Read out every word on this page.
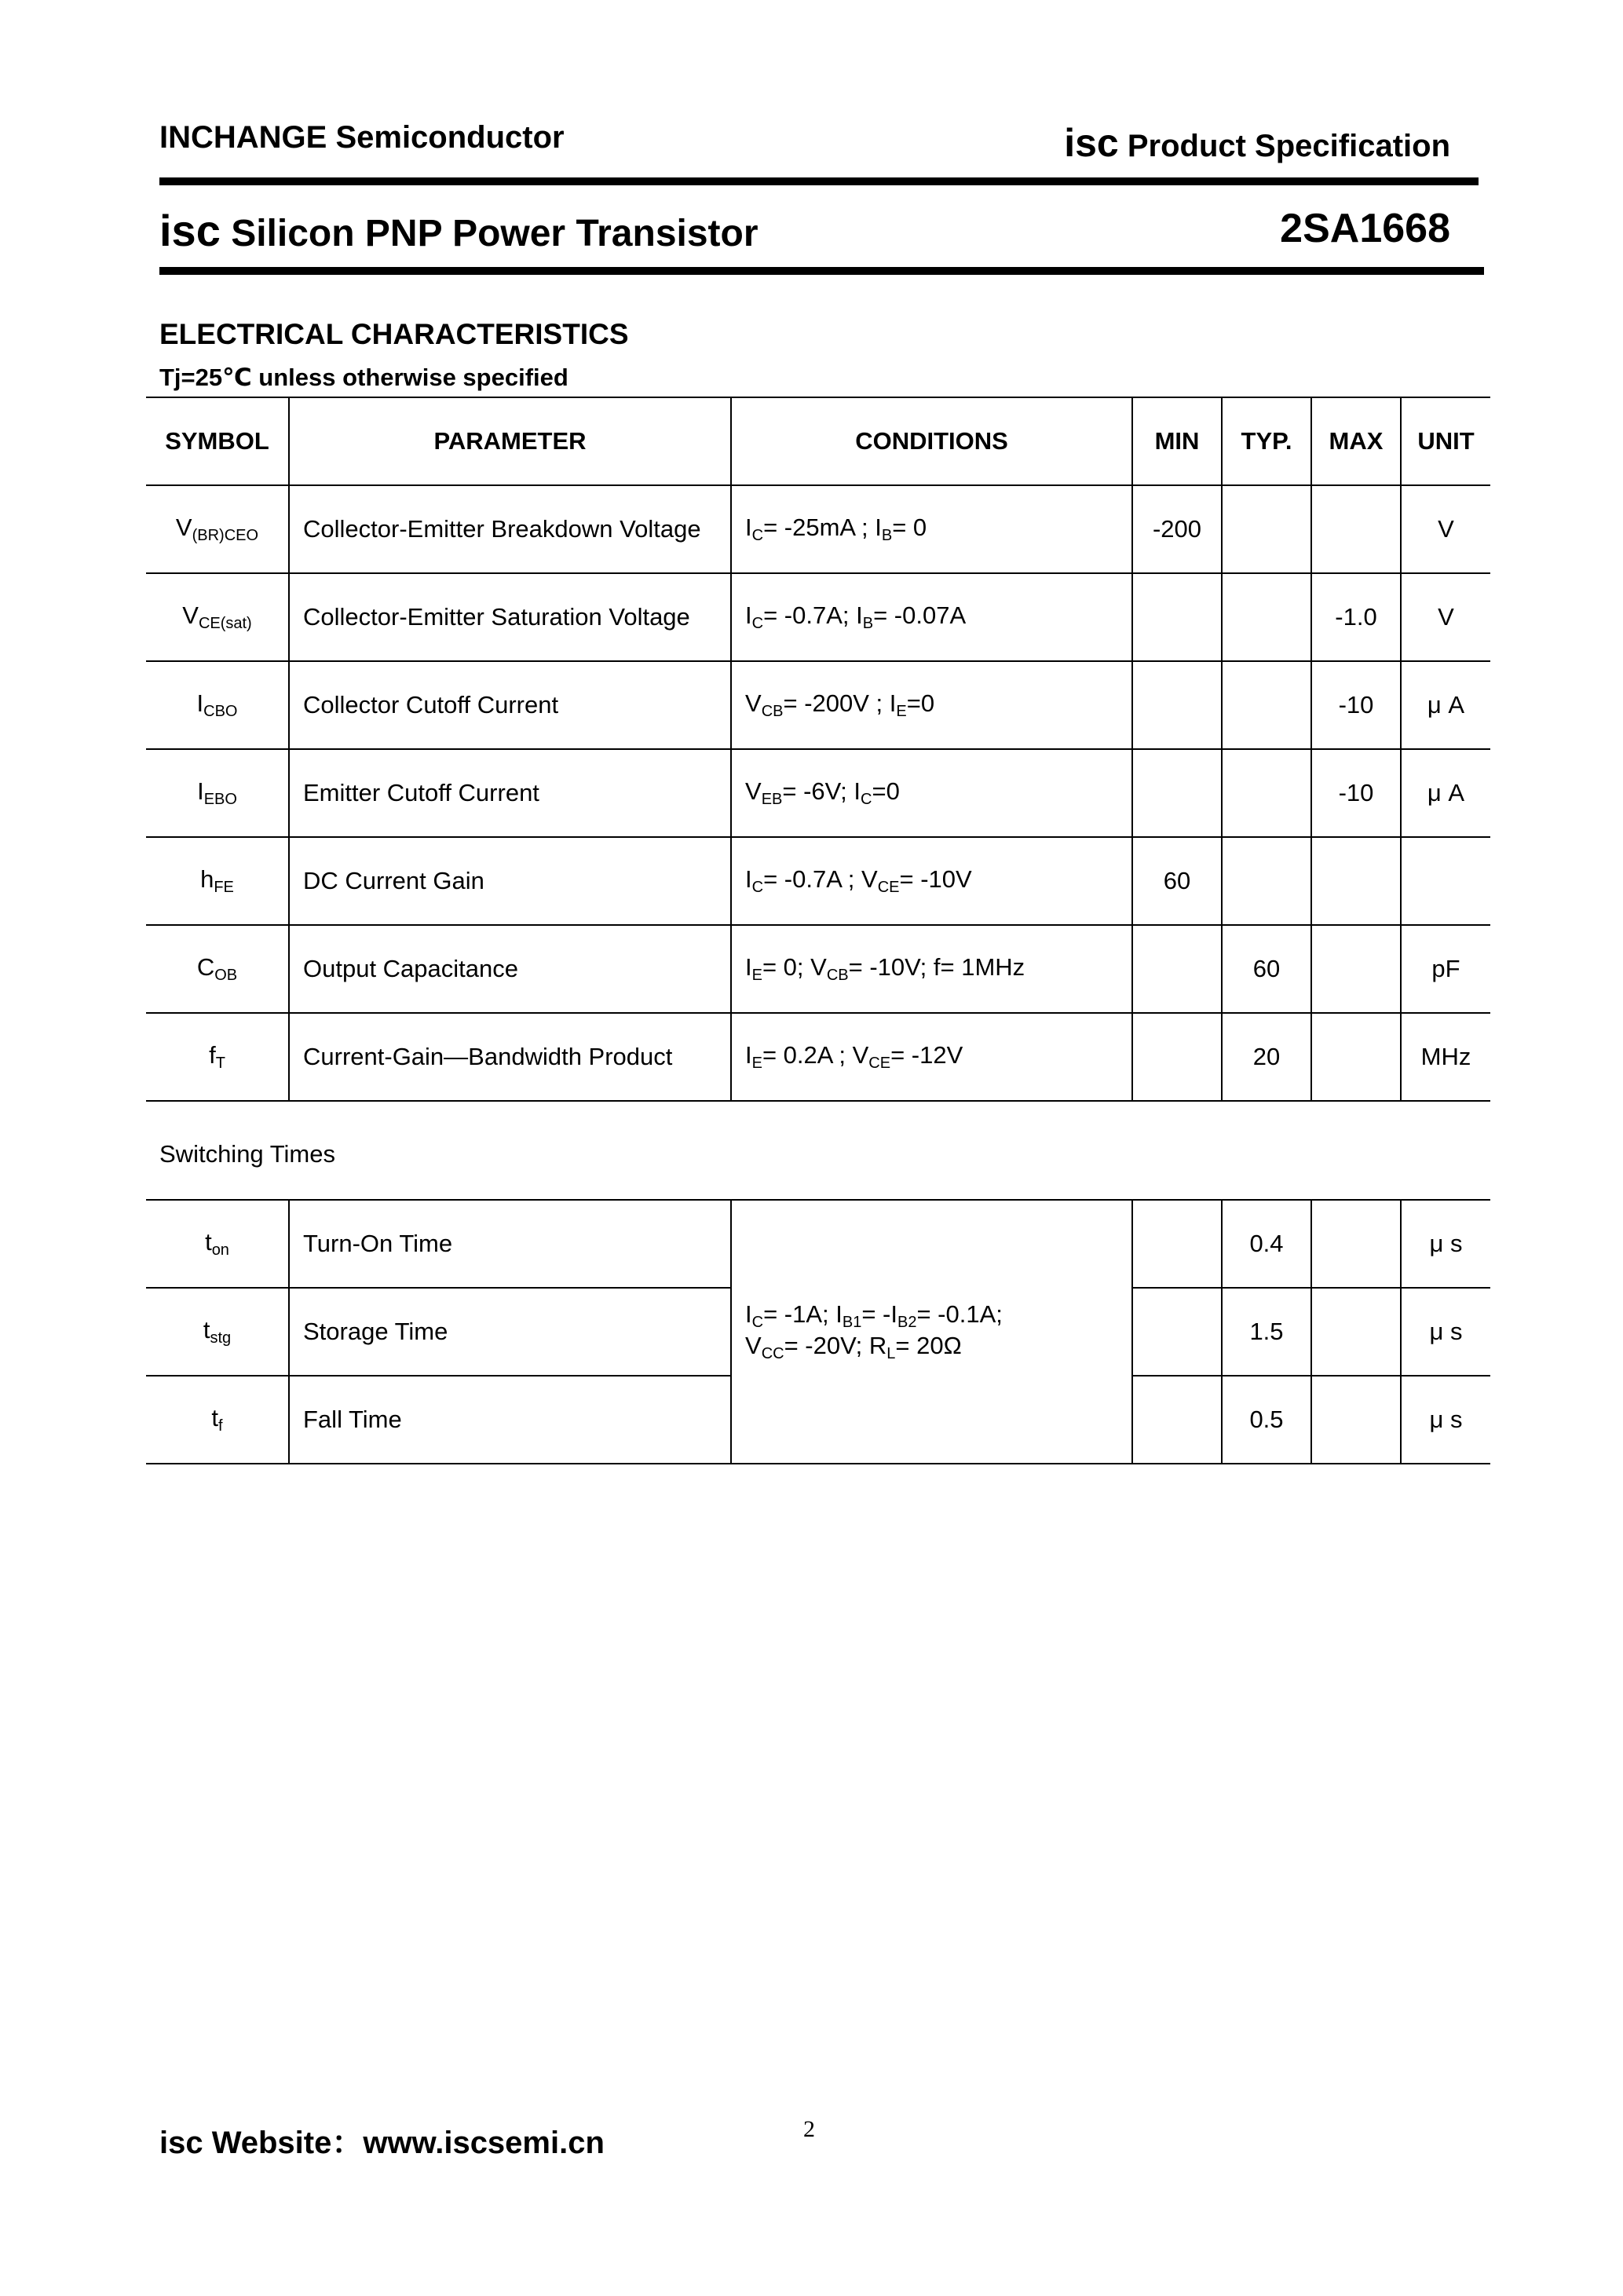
INCHANGE Semiconductor	isc Product Specification
isc Silicon PNP Power Transistor	2SA1668
ELECTRICAL CHARACTERISTICS
Tj=25℃ unless otherwise specified
SYMBOL	PARAMETER	CONDITIONS	MIN	TYP.	MAX	UNIT
$V_{(BR)CEO}$	Collector-Emitter Breakdown Voltage	$I_C= -25mA$ ; $I_B= 0$	-200			V
$V_{CE(sat)}$	Collector-Emitter Saturation Voltage	$I_C= -0.7A$; $I_B= -0.07A$			-1.0	V
$I_{CBO}$	Collector Cutoff Current	$V_{CB}= -200V$ ; $I_E=0$			-10	μ A
$I_{EBO}$	Emitter Cutoff Current	$V_{EB}= -6V$; $I_C=0$			-10	μ A
$h_{FE}$	DC Current Gain	$I_C= -0.7A$ ; $V_{CE}= -10V$	60			
$C_{OB}$	Output Capacitance	$I_E= 0$; $V_{CB}= -10V$; f= 1MHz		60		pF
$f_T$	Current-Gain—Bandwidth Product	$I_E= 0.2A$ ; $V_{CE}= -12V$		20		MHz
Switching Times
$t_{on}$	Turn-On Time	$I_C= -1A$; $I_{B1}= -I_{B2}= -0.1A$;
$V_{CC}= -20V$; $R_L= 20\Omega$		0.4		μ s
$t_{stg}$	Storage Time			1.5		μ s
$t_f$	Fall Time			0.5		μ s
isc Website：www.iscsemi.cn	2
